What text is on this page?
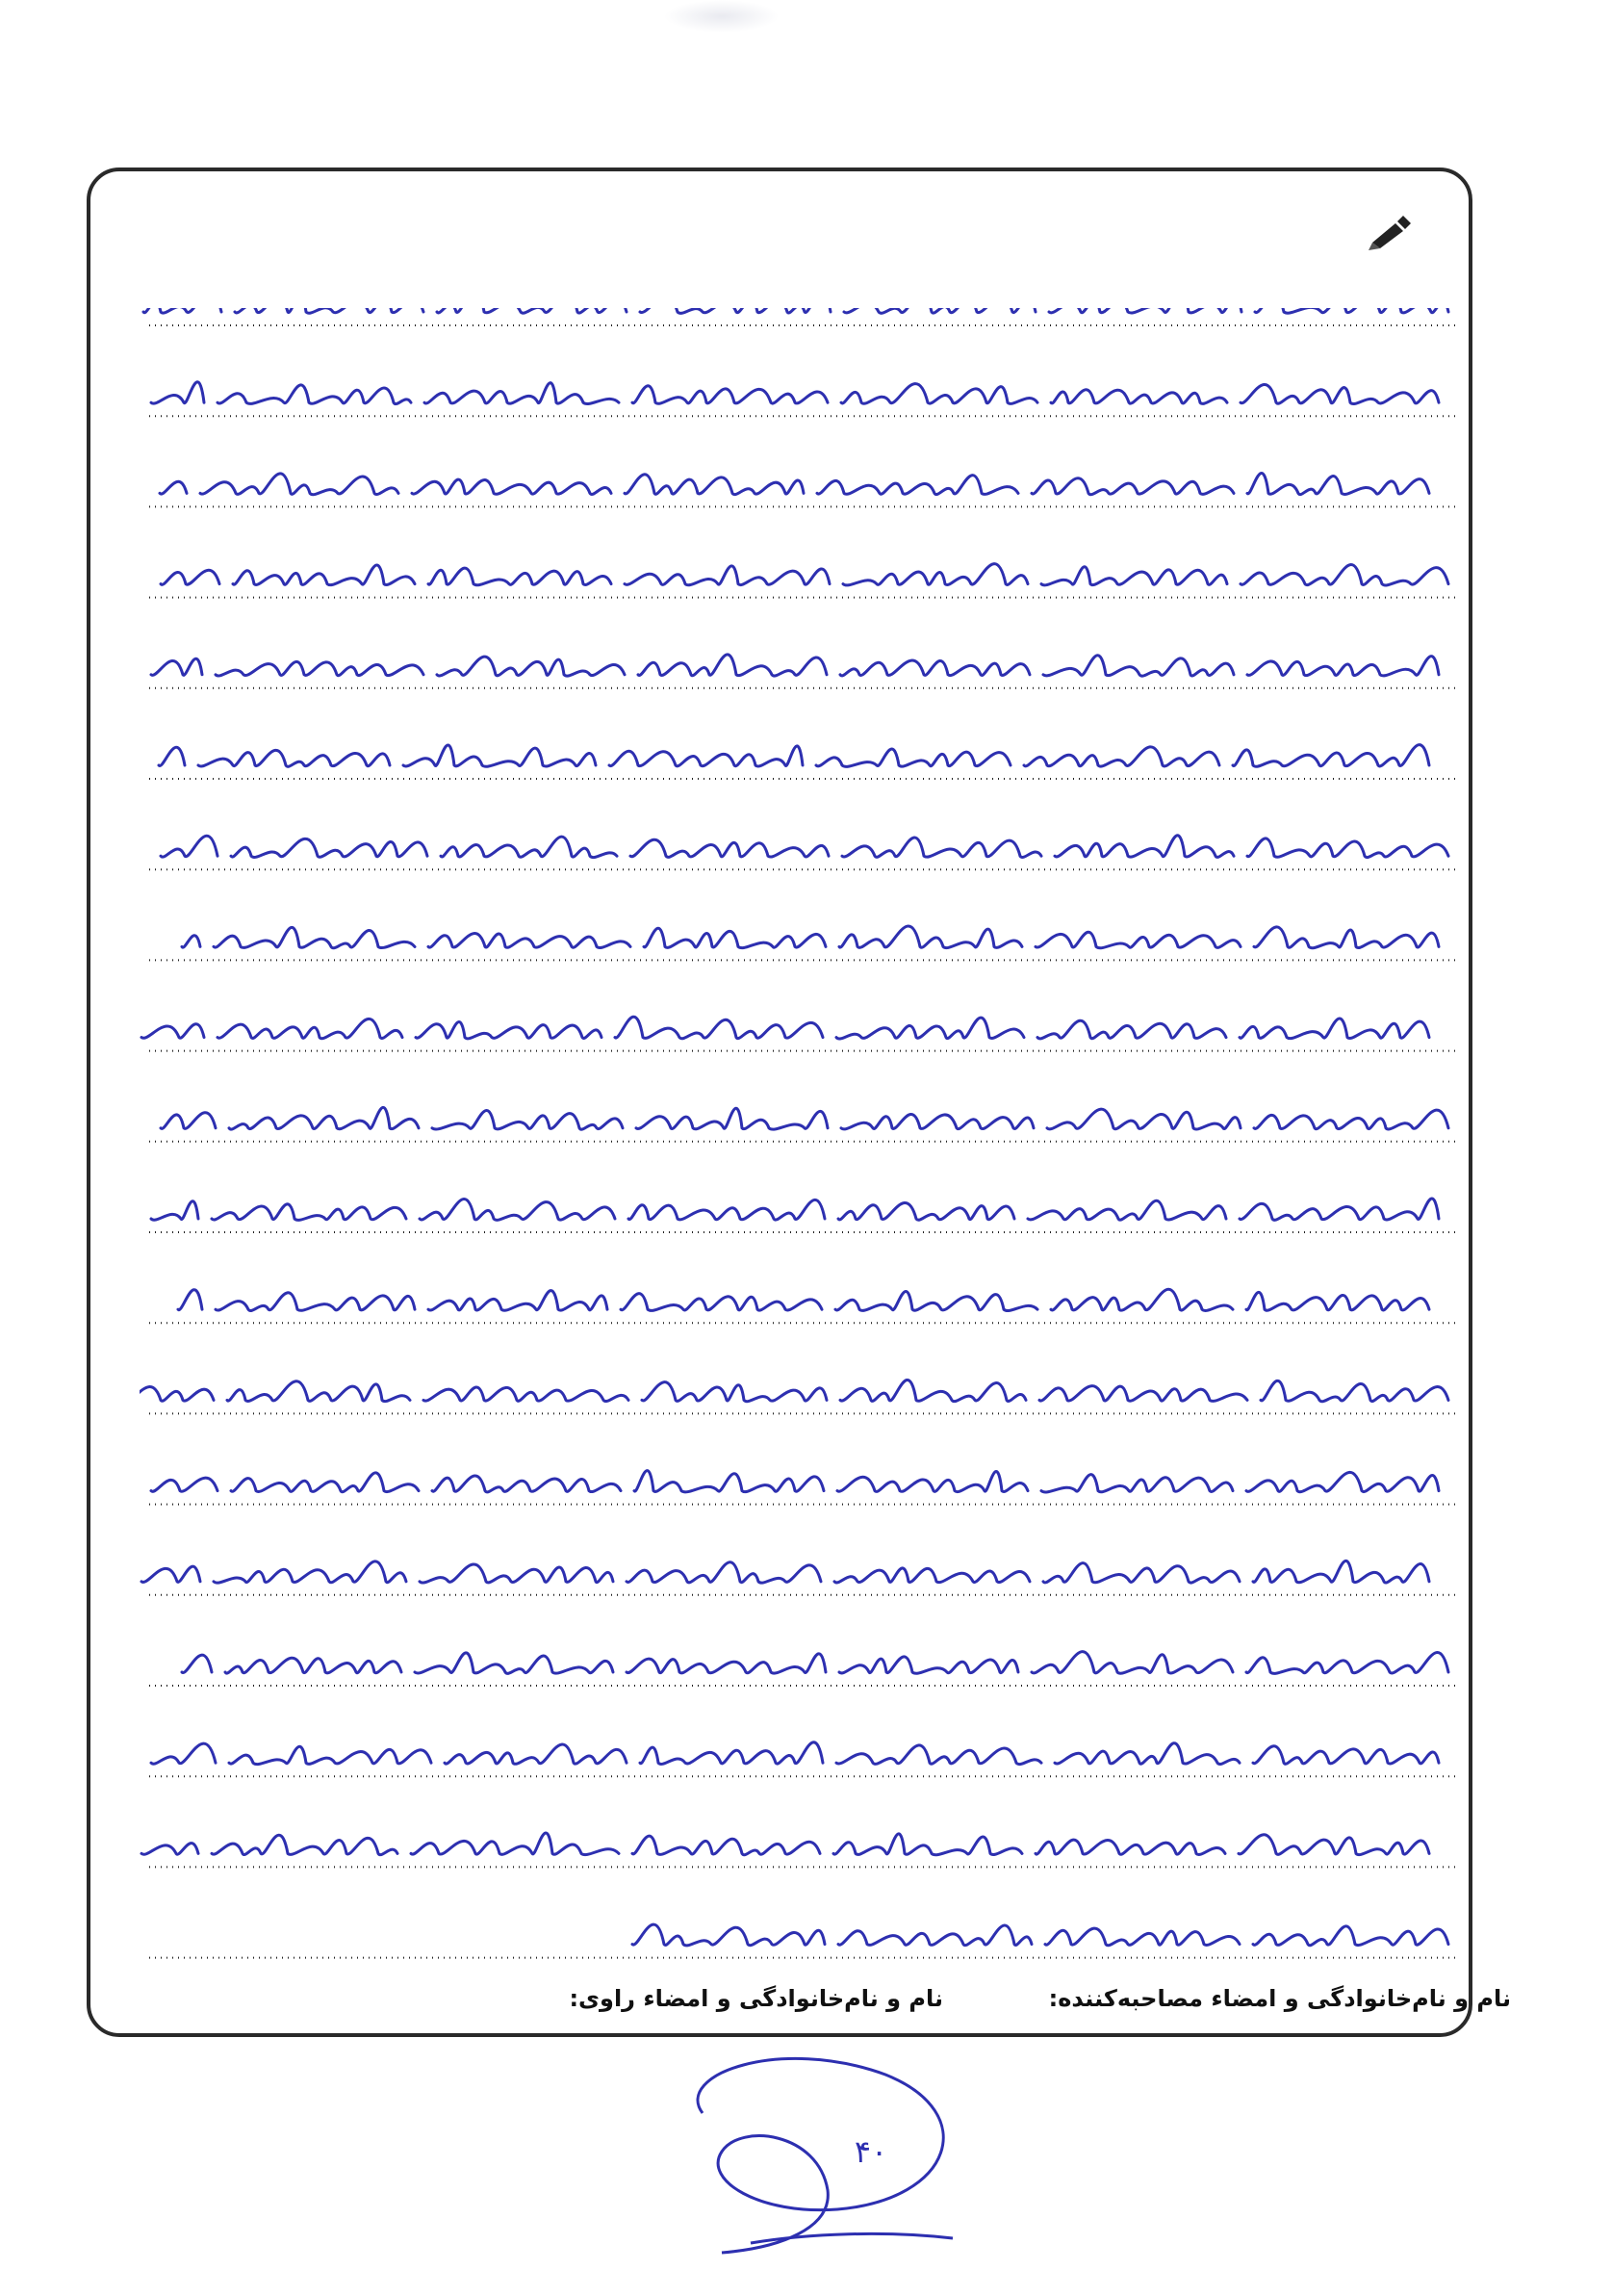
نام و نام‌خانوادگی و امضاء مصاحبه‌کننده:
نام و نام‌خانوادگی و امضاء راوی:
۴۰
